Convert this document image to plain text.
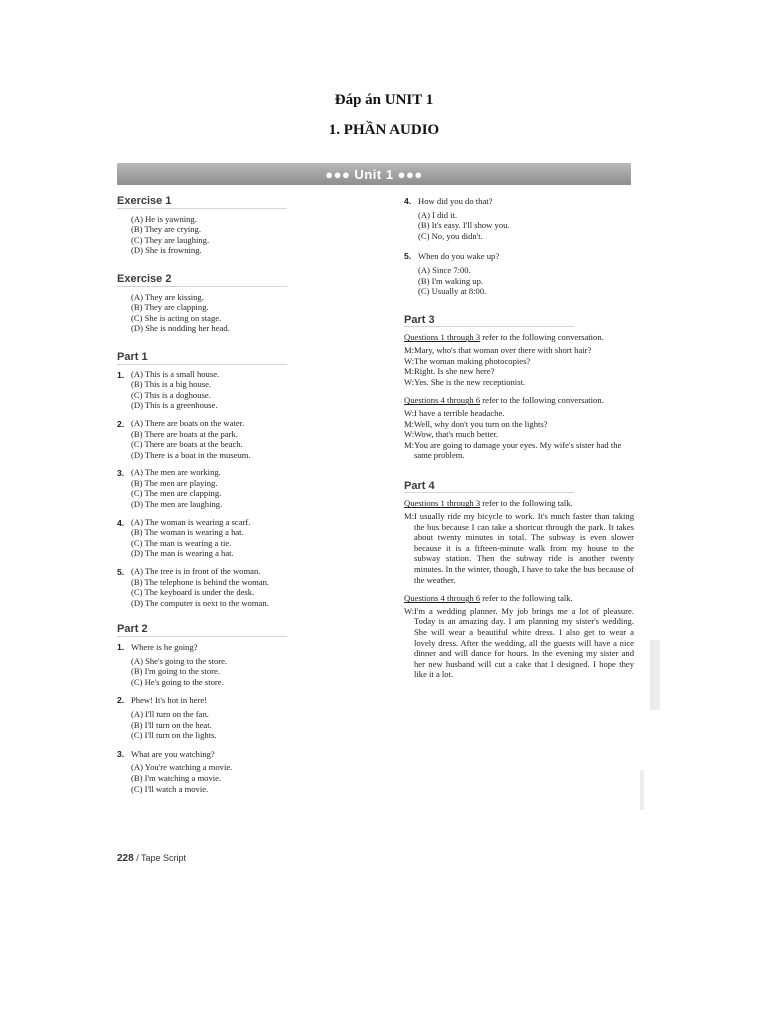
Đáp án UNIT 1
1. PHẦN AUDIO
●●● Unit 1 ●●●
Exercise 1
(A) He is yawning.
(B) They are crying.
(C) They are laughing.
(D) She is frowning.
Exercise 2
(A) They are kissing.
(B) They are clapping.
(C) She is acting on stage.
(D) She is nodding her head.
Part 1
1. (A) This is a small house.
(B) This is a big house.
(C) This is a doghouse.
(D) This is a greenhouse.
2. (A) There are boats on the water.
(B) There are boats at the park.
(C) There are boats at the beach.
(D) There is a boat in the museum.
3. (A) The men are working.
(B) The men are playing.
(C) The men are clapping.
(D) The men are laughing.
4. (A) The woman is wearing a scarf.
(B) The woman is wearing a hat.
(C) The man is wearing a tie.
(D) The man is wearing a hat.
5. (A) The tree is in front of the woman.
(B) The telephone is behind the woman.
(C) The keyboard is under the desk.
(D) The computer is next to the woman.
Part 2
1. Where is he going?
(A) She's going to the store.
(B) I'm going to the store.
(C) He's going to the store.
2. Phew! It's hot in here!
(A) I'll turn on the fan.
(B) I'll turn on the heat.
(C) I'll turn on the lights.
3. What are you watching?
(A) You're watching a movie.
(B) I'm watching a movie.
(C) I'll watch a movie.
4. How did you do that?
(A) I did it.
(B) It's easy. I'll show you.
(C) No, you didn't.
5. When do you wake up?
(A) Since 7:00.
(B) I'm waking up.
(C) Usually at 8:00.
Part 3
Questions 1 through 3 refer to the following conversation.
M: Mary, who's that woman over there with short hair?
W: The woman making photocopies?
M: Right. Is she new here?
W: Yes. She is the new receptionist.
Questions 4 through 6 refer to the following conversation.
W: I have a terrible headache.
M: Well, why don't you turn on the lights?
W: Wow, that's much better.
M: You are going to damage your eyes. My wife's sister had the same problem.
Part 4
Questions 1 through 3 refer to the following talk.
M: I usually ride my bicycle to work. It's much faster than taking the bus because I can take a shortcut through the park. It takes about twenty minutes in total. The subway is even slower because it is a fifteen-minute walk from my house to the subway station. Then the subway ride is another twenty minutes. In the winter, though, I have to take the bus because of the weather.
Questions 4 through 6 refer to the following talk.
W: I'm a wedding planner. My job brings me a lot of pleasure. Today is an amazing day. I am planning my sister's wedding. She will wear a beautiful white dress. I also get to wear a lovely dress. After the wedding, all the guests will have a nice dinner and will dance for hours. In the evening my sister and her new husband will cut a cake that I designed. I hope they like it a lot.
228 / Tape Script
